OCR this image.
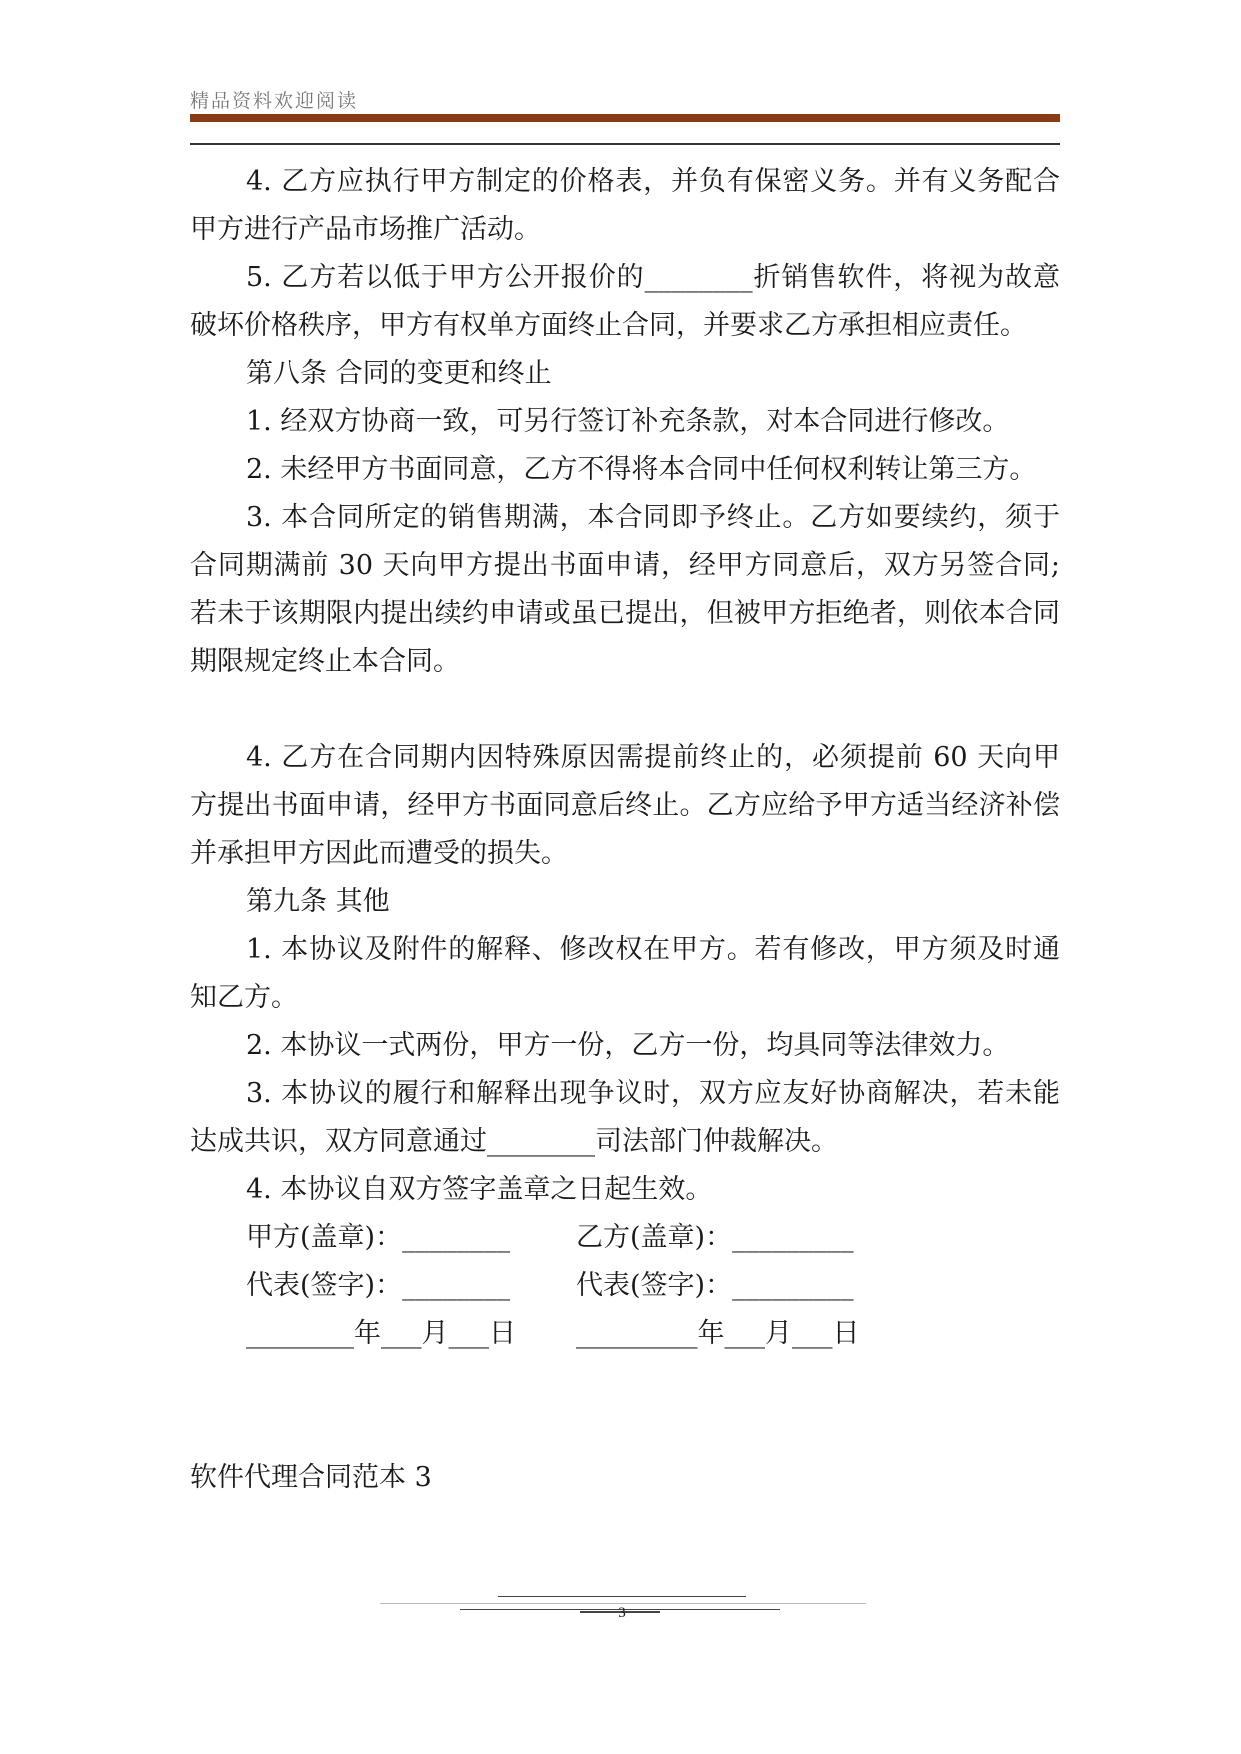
精品资料欢迎阅读

4. 乙方应执行甲方制定的价格表，并负有保密义务。并有义务配合甲方进行产品市场推广活动。

5. 乙方若以低于甲方公开报价的________折销售软件，将视为故意破坏价格秩序，甲方有权单方面终止合同，并要求乙方承担相应责任。

第八条 合同的变更和终止

1. 经双方协商一致，可另行签订补充条款，对本合同进行修改。

2. 未经甲方书面同意，乙方不得将本合同中任何权利转让第三方。

3. 本合同所定的销售期满，本合同即予终止。乙方如要续约，须于合同期满前 30 天向甲方提出书面申请，经甲方同意后，双方另签合同;若未于该期限内提出续约申请或虽已提出，但被甲方拒绝者，则依本合同期限规定终止本合同。

4. 乙方在合同期内因特殊原因需提前终止的，必须提前 60 天向甲方提出书面申请，经甲方书面同意后终止。乙方应给予甲方适当经济补偿并承担甲方因此而遭受的损失。

第九条 其他

1. 本协议及附件的解释、修改权在甲方。若有修改，甲方须及时通知乙方。

2. 本协议一式两份，甲方一份，乙方一份，均具同等法律效力。

3. 本协议的履行和解释出现争议时，双方应友好协商解决，若未能达成共识，双方同意通过________司法部门仲裁解决。

4. 本协议自双方签字盖章之日起生效。

甲方(盖章)：________	乙方(盖章)：_________
代表(签字)：________	代表(签字)：_________
________年___月___日	_________年___月___日
软件代理合同范本 3
3
